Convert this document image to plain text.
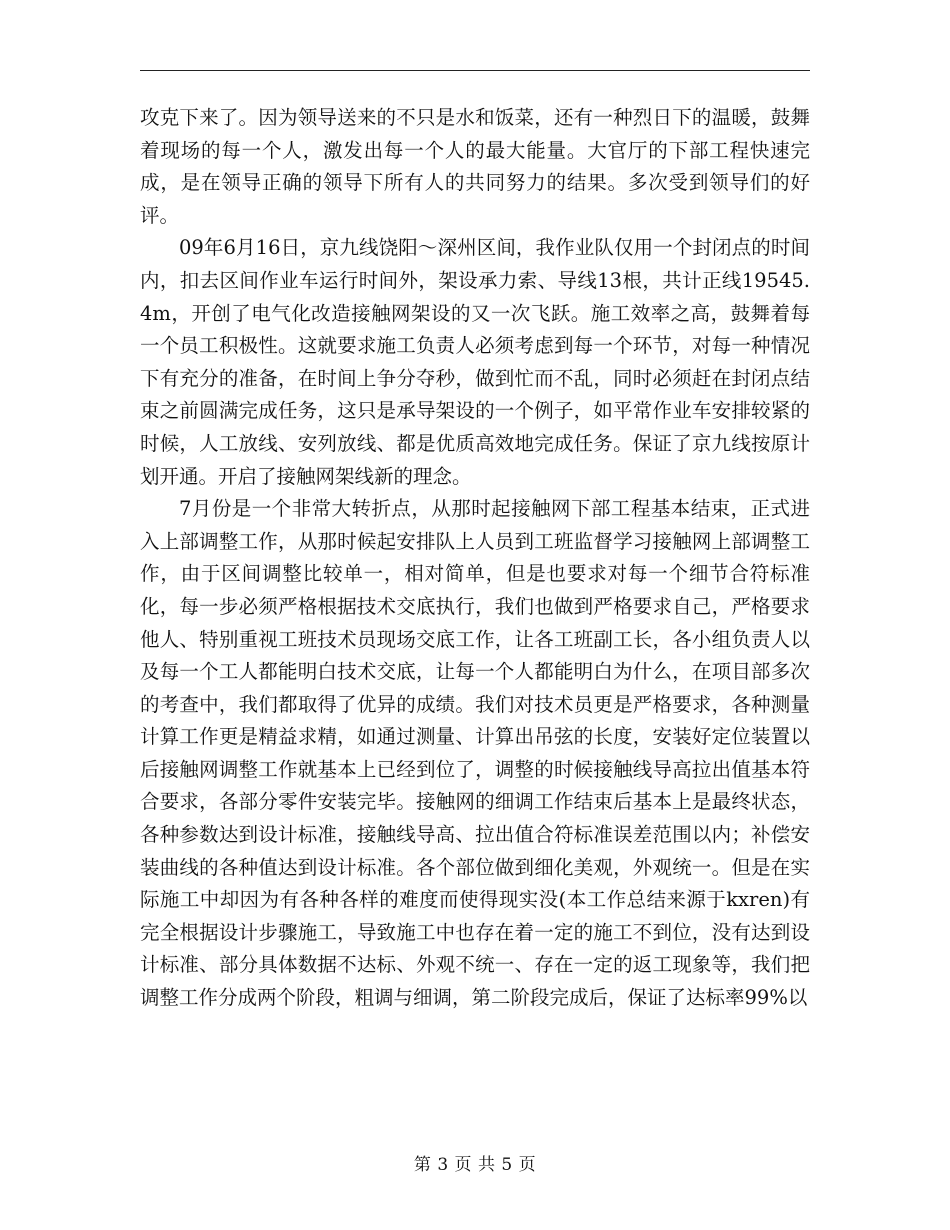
攻克下来了。因为领导送来的不只是水和饭菜，还有一种烈日下的温暖，鼓舞着现场的每一个人，激发出每一个人的最大能量。大官厅的下部工程快速完成，是在领导正确的领导下所有人的共同努力的结果。多次受到领导们的好评。

09年6月16日，京九线饶阳～深州区间，我作业队仅用一个封闭点的时间内，扣去区间作业车运行时间外，架设承力索、导线13根，共计正线19545.4m，开创了电气化改造接触网架设的又一次飞跃。施工效率之高，鼓舞着每一个员工积极性。这就要求施工负责人必须考虑到每一个环节，对每一种情况下有充分的准备，在时间上争分夺秒，做到忙而不乱，同时必须赶在封闭点结束之前圆满完成任务，这只是承导架设的一个例子，如平常作业车安排较紧的时候，人工放线、安列放线、都是优质高效地完成任务。保证了京九线按原计划开通。开启了接触网架线新的理念。

7月份是一个非常大转折点，从那时起接触网下部工程基本结束，正式进入上部调整工作，从那时候起安排队上人员到工班监督学习接触网上部调整工作，由于区间调整比较单一，相对简单，但是也要求对每一个细节合符标准化，每一步必须严格根据技术交底执行，我们也做到严格要求自己，严格要求他人、特别重视工班技术员现场交底工作，让各工班副工长，各小组负责人以及每一个工人都能明白技术交底，让每一个人都能明白为什么，在项目部多次的考查中，我们都取得了优异的成绩。我们对技术员更是严格要求，各种测量计算工作更是精益求精，如通过测量、计算出吊弦的长度，安装好定位装置以后接触网调整工作就基本上已经到位了，调整的时候接触线导高拉出值基本符合要求，各部分零件安装完毕。接触网的细调工作结束后基本上是最终状态，各种参数达到设计标准，接触线导高、拉出值合符标准误差范围以内；补偿安装曲线的各种值达到设计标准。各个部位做到细化美观，外观统一。但是在实际施工中却因为有各种各样的难度而使得现实没(本工作总结来源于kxren)有完全根据设计步骤施工，导致施工中也存在着一定的施工不到位，没有达到设计标准、部分具体数据不达标、外观不统一、存在一定的返工现象等，我们把调整工作分成两个阶段，粗调与细调，第二阶段完成后，保证了达标率99%以

第 3 页 共 5 页
